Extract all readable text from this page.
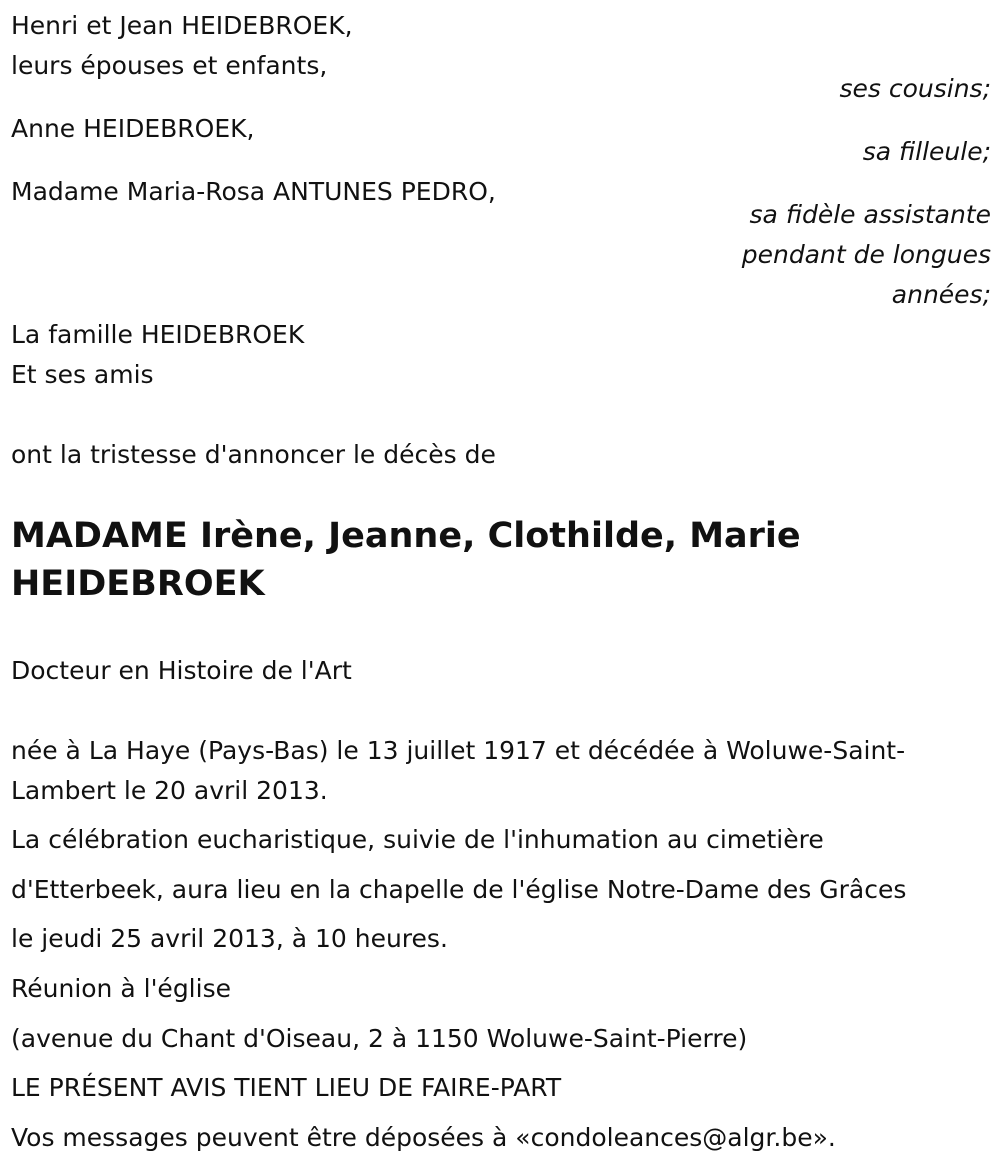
Henri et Jean HEIDEBROEK,
leurs épouses et enfants,
ses cousins;
Anne HEIDEBROEK,
sa filleule;
Madame Maria-Rosa ANTUNES PEDRO,
sa fidèle assistante
pendant de longues
années;
La famille HEIDEBROEK
Et ses amis
ont la tristesse d'annoncer le décès de
MADAME Irène, Jeanne, Clothilde, Marie
HEIDEBROEK
Docteur en Histoire de l'Art
née à La Haye (Pays-Bas) le 13 juillet 1917 et décédée à Woluwe-Saint-
Lambert le 20 avril 2013.
La célébration eucharistique, suivie de l'inhumation au cimetière
d'Etterbeek, aura lieu en la chapelle de l'église Notre-Dame des Grâces
le jeudi 25 avril 2013, à 10 heures.
Réunion à l'église
(avenue du Chant d'Oiseau, 2 à 1150 Woluwe-Saint-Pierre)
LE PRÉSENT AVIS TIENT LIEU DE FAIRE-PART
Vos messages peuvent être déposées à «condoleances@algr.be».
